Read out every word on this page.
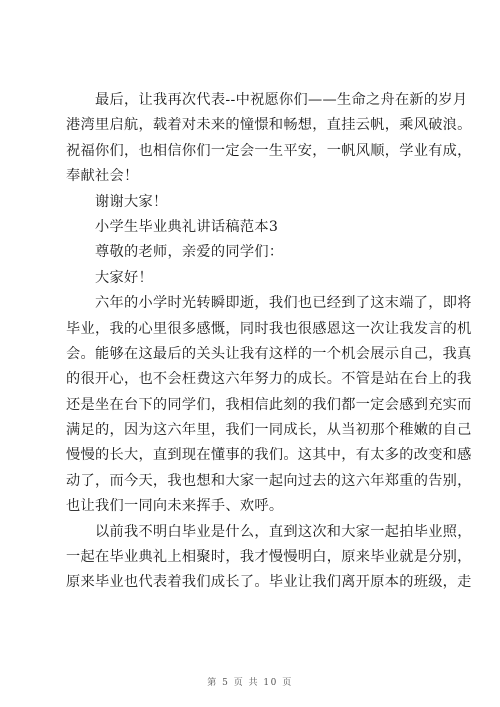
最后，让我再次代表--中祝愿你们——生命之舟在新的岁月
港湾里启航，载着对未来的憧憬和畅想，直挂云帆，乘风破浪。
祝福你们，也相信你们一定会一生平安，一帆风顺，学业有成，
奉献社会！
谢谢大家！
小学生毕业典礼讲话稿范本3
尊敬的老师，亲爱的同学们：
大家好！
六年的小学时光转瞬即逝，我们也已经到了这末端了，即将
毕业，我的心里很多感慨，同时我也很感恩这一次让我发言的机
会。能够在这最后的关头让我有这样的一个机会展示自己，我真
的很开心，也不会枉费这六年努力的成长。不管是站在台上的我
还是坐在台下的同学们，我相信此刻的我们都一定会感到充实而
满足的，因为这六年里，我们一同成长，从当初那个稚嫩的自己
慢慢的长大，直到现在懂事的我们。这其中，有太多的改变和感
动了，而今天，我也想和大家一起向过去的这六年郑重的告别，
也让我们一同向未来挥手、欢呼。
以前我不明白毕业是什么，直到这次和大家一起拍毕业照，
一起在毕业典礼上相聚时，我才慢慢明白，原来毕业就是分别，
原来毕业也代表着我们成长了。毕业让我们离开原本的班级，走
第 5 页 共 10 页
